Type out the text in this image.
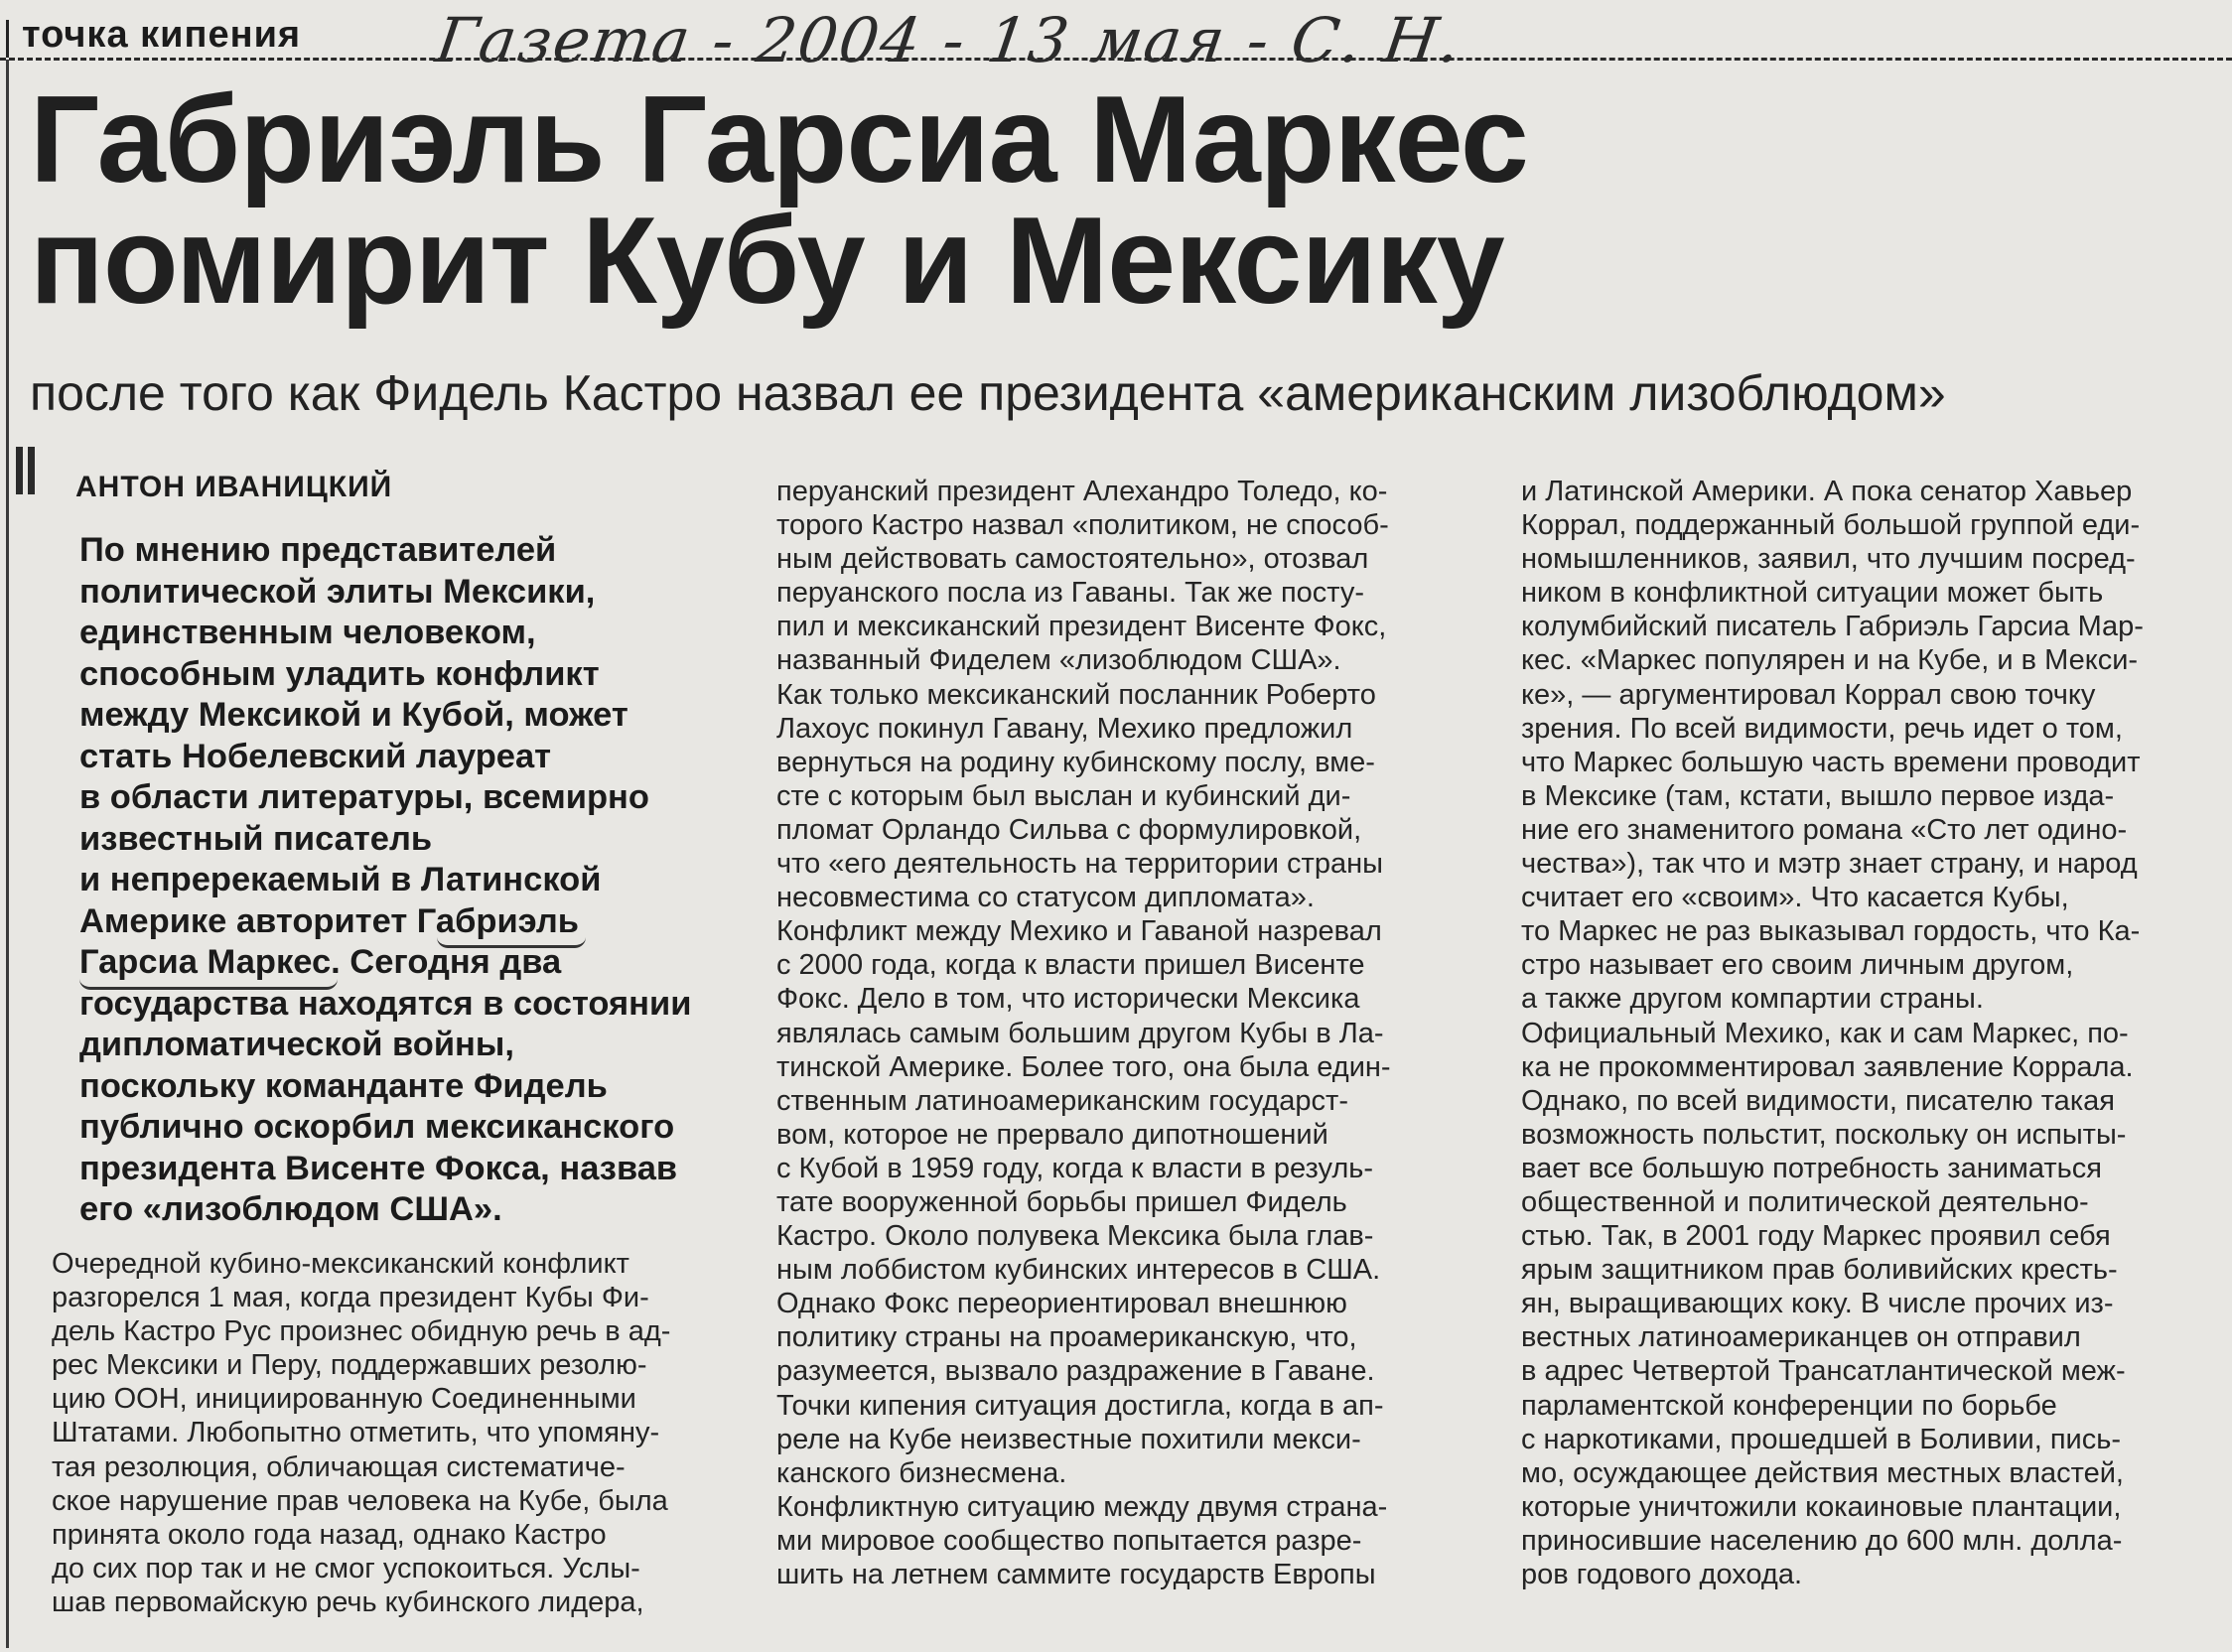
точка кипения Газета - 2004 - 13 мая - С. Н.
Габриэль Гарсиа Маркес помирит Кубу и Мексику
после того как Фидель Кастро назвал ее президента «американским лизоблюдом»
АНТОН ИВАНИЦКИЙ
По мнению представителей
политической элиты Мексики,
единственным человеком,
способным уладить конфликт
между Мексикой и Кубой, может
стать Нобелевский лауреат
в области литературы, всемирно
известный писатель
и непререкаемый в Латинской
Америке авторитет Габриэль
Гарсиа Маркес. Сегодня два
государства находятся в состоянии
дипломатической войны,
поскольку команданте Фидель
публично оскорбил мексиканского
президента Висенте Фокса, назвав
его «лизоблюдом США».
Очередной кубино-мексиканский конфликт
разгорелся 1 мая, когда президент Кубы Фи-
дель Кастро Рус произнес обидную речь в ад-
рес Мексики и Перу, поддержавших резолю-
цию ООН, инициированную Соединенными
Штатами. Любопытно отметить, что упомяну-
тая резолюция, обличающая систематиче-
ское нарушение прав человека на Кубе, была
принята около года назад, однако Кастро
до сих пор так и не смог успокоиться. Услы-
шав первомайскую речь кубинского лидера,
перуанский президент Алехандро Толедо, ко-
торого Кастро назвал «политиком, не способ-
ным действовать самостоятельно», отозвал
перуанского посла из Гаваны. Так же посту-
пил и мексиканский президент Висенте Фокс,
названный Фиделем «лизоблюдом США».
Как только мексиканский посланник Роберто
Лахоус покинул Гавану, Мехико предложил
вернуться на родину кубинскому послу, вме-
сте с которым был выслан и кубинский ди-
пломат Орландо Сильва с формулировкой,
что «его деятельность на территории страны
несовместима со статусом дипломата».
Конфликт между Мехико и Гаваной назревал
с 2000 года, когда к власти пришел Висенте
Фокс. Дело в том, что исторически Мексика
являлась самым большим другом Кубы в Ла-
тинской Америке. Более того, она была един-
ственным латиноамериканским государст-
вом, которое не прервало дипотношений
с Кубой в 1959 году, когда к власти в резуль-
тате вооруженной борьбы пришел Фидель
Кастро. Около полувека Мексика была глав-
ным лоббистом кубинских интересов в США.
Однако Фокс переориентировал внешнюю
политику страны на проамериканскую, что,
разумеется, вызвало раздражение в Гаване.
Точки кипения ситуация достигла, когда в ап-
реле на Кубе неизвестные похитили мекси-
канского бизнесмена.
Конфликтную ситуацию между двумя страна-
ми мировое сообщество попытается разре-
шить на летнем саммите государств Европы
и Латинской Америки. А пока сенатор Хавьер
Коррал, поддержанный большой группой еди-
номышленников, заявил, что лучшим посред-
ником в конфликтной ситуации может быть
колумбийский писатель Габриэль Гарсиа Мар-
кес. «Маркес популярен и на Кубе, и в Мекси-
ке», — аргументировал Коррал свою точку
зрения. По всей видимости, речь идет о том,
что Маркес большую часть времени проводит
в Мексике (там, кстати, вышло первое изда-
ние его знаменитого романа «Сто лет одино-
чества»), так что и мэтр знает страну, и народ
считает его «своим». Что касается Кубы,
то Маркес не раз выказывал гордость, что Ка-
стро называет его своим личным другом,
а также другом компартии страны.
Официальный Мехико, как и сам Маркес, по-
ка не прокомментировал заявление Коррала.
Однако, по всей видимости, писателю такая
возможность польстит, поскольку он испыты-
вает все большую потребность заниматься
общественной и политической деятельно-
стью. Так, в 2001 году Маркес проявил себя
ярым защитником прав боливийских кресть-
ян, выращивающих коку. В числе прочих из-
вестных латиноамериканцев он отправил
в адрес Четвертой Трансатлантической меж-
парламентской конференции по борьбе
с наркотиками, прошедшей в Боливии, пись-
мо, осуждающее действия местных властей,
которые уничтожили кокаиновые плантации,
приносившие населению до 600 млн. долла-
ров годового дохода.
